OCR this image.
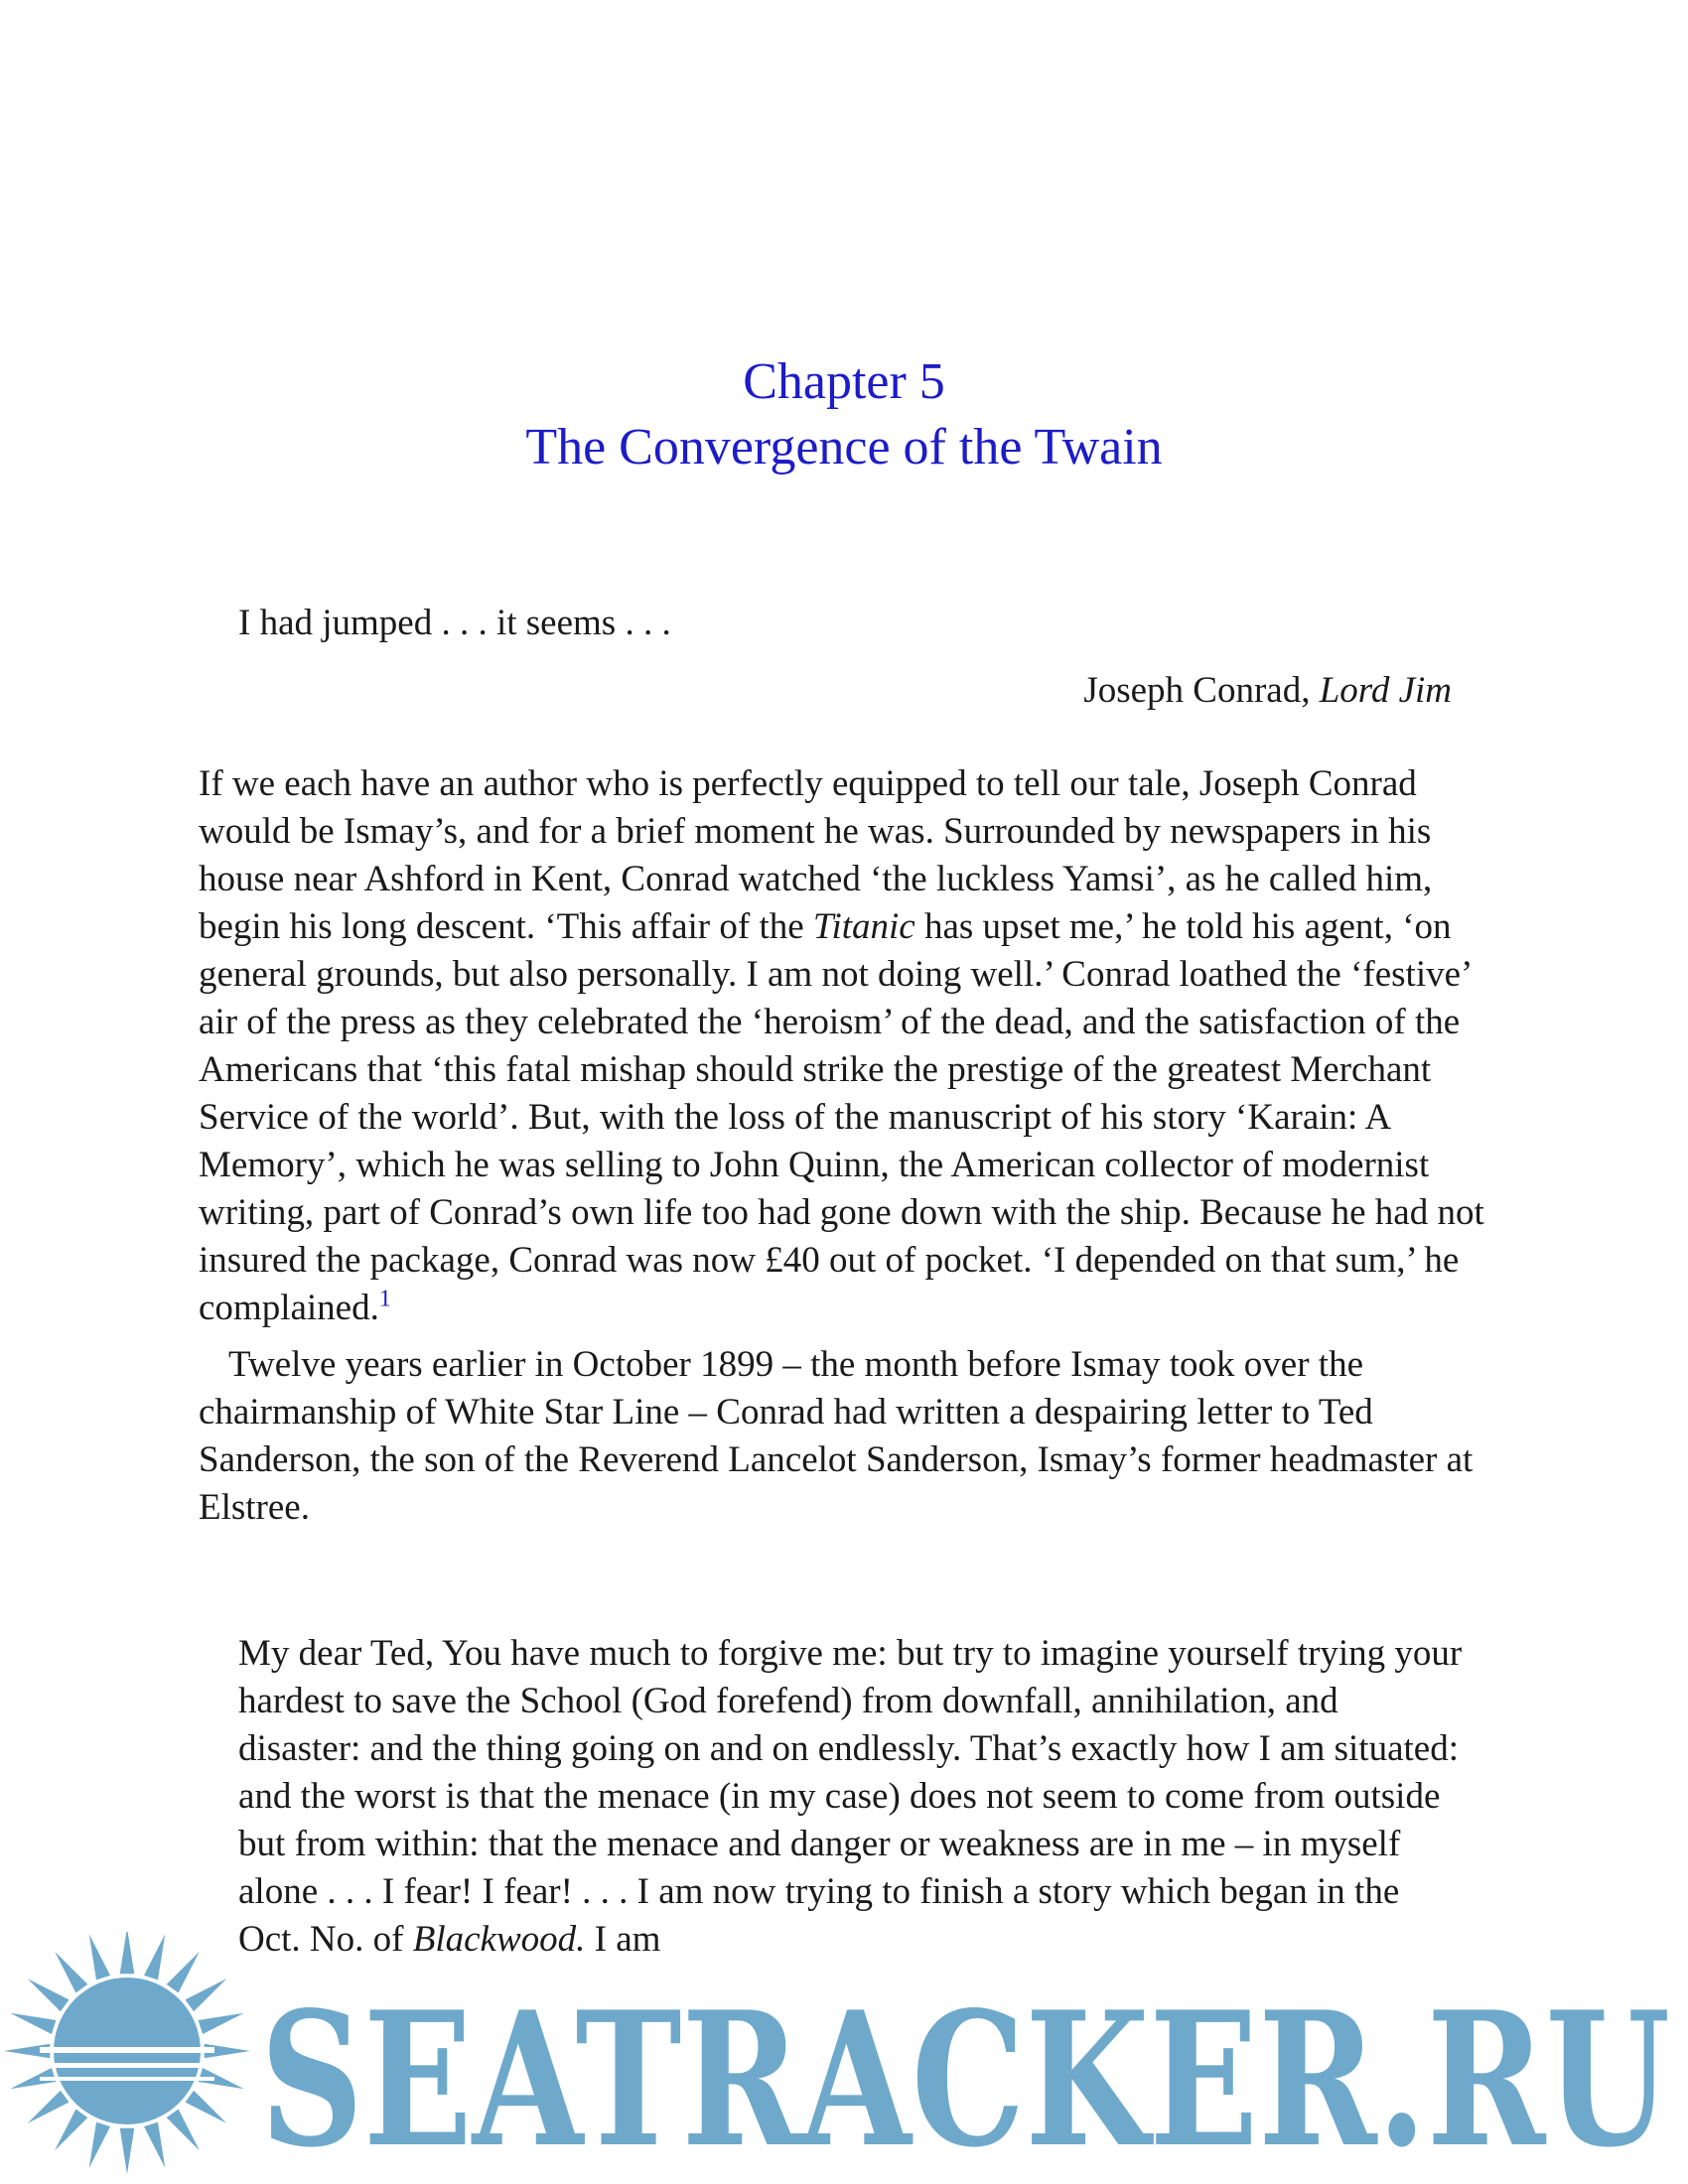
Chapter 5
The Convergence of the Twain
I had jumped . . . it seems . . .
Joseph Conrad, Lord Jim

If we each have an author who is perfectly equipped to tell our tale, Joseph Conrad would be Ismay’s, and for a brief moment he was. Surrounded by newspapers in his house near Ashford in Kent, Conrad watched ‘the luckless Yamsi’, as he called him, begin his long descent. ‘This affair of the Titanic has upset me,’ he told his agent, ‘on general grounds, but also personally. I am not doing well.’ Conrad loathed the ‘festive’ air of the press as they celebrated the ‘heroism’ of the dead, and the satisfaction of the Americans that ‘this fatal mishap should strike the prestige of the greatest Merchant Service of the world’. But, with the loss of the manuscript of his story ‘Karain: A Memory’, which he was selling to John Quinn, the American collector of modernist writing, part of Conrad’s own life too had gone down with the ship. Because he had not insured the package, Conrad was now £40 out of pocket. ‘I depended on that sum,’ he complained.$^1$

Twelve years earlier in October 1899 – the month before Ismay took over the chairmanship of White Star Line – Conrad had written a despairing letter to Ted Sanderson, the son of the Reverend Lancelot Sanderson, Ismay’s former headmaster at Elstree.

My dear Ted, You have much to forgive me: but try to imagine yourself trying your hardest to save the School (God forefend) from downfall, annihilation, and disaster: and the thing going on and on endlessly. That’s exactly how I am situated: and the worst is that the menace (in my case) does not seem to come from outside but from within: that the menace and danger or weakness are in me – in myself alone . . . I fear! I fear! . . . I am now trying to finish a story which began in the Oct. No. of Blackwood. I am

SEATRACKER.RU
